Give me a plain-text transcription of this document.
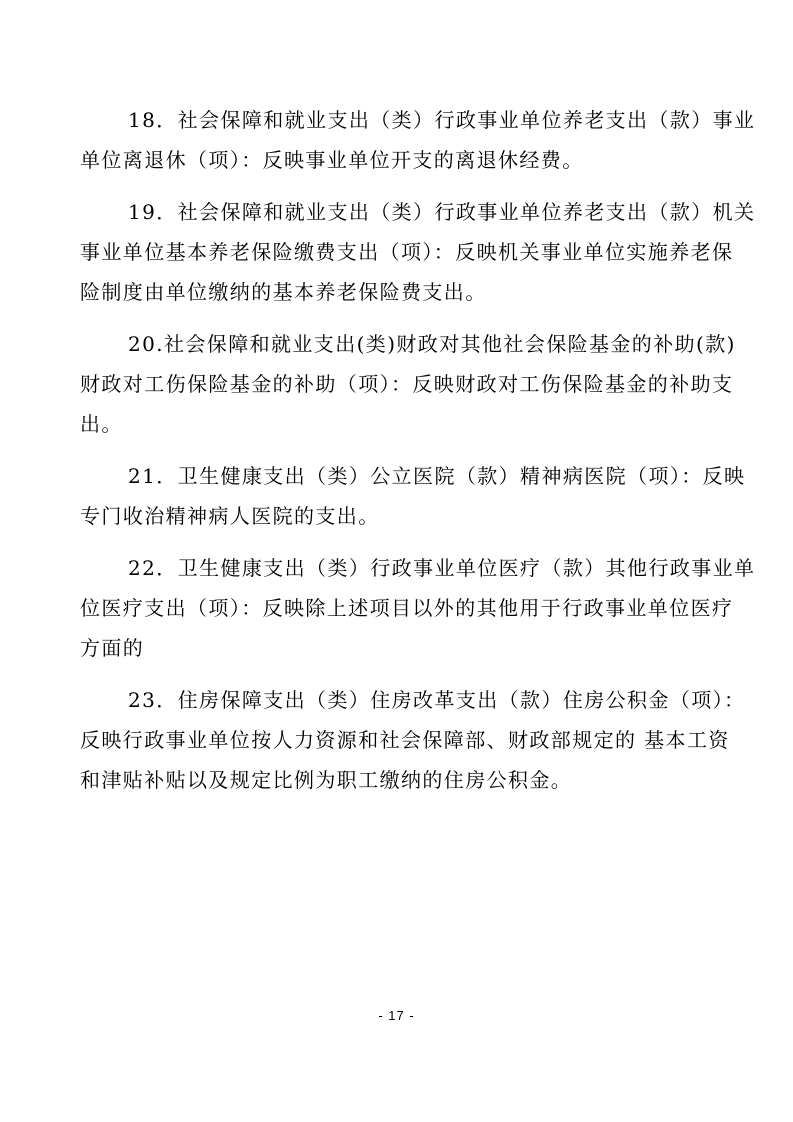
18．社会保障和就业支出（类）行政事业单位养老支出（款）事业
单位离退休（项）：反映事业单位开支的离退休经费。

19．社会保障和就业支出（类）行政事业单位养老支出（款）机关
事业单位基本养老保险缴费支出（项）：反映机关事业单位实施养老保
险制度由单位缴纳的基本养老保险费支出。

20.社会保障和就业支出(类)财政对其他社会保险基金的补助(款)
财政对工伤保险基金的补助（项）：反映财政对工伤保险基金的补助支
出。

21．卫生健康支出（类）公立医院（款）精神病医院（项）：反映
专门收治精神病人医院的支出。

22．卫生健康支出（类）行政事业单位医疗（款）其他行政事业单
位医疗支出（项）：反映除上述项目以外的其他用于行政事业单位医疗
方面的

23．住房保障支出（类）住房改革支出（款）住房公积金（项）：
反映行政事业单位按人力资源和社会保障部、财政部规定的 基本工资
和津贴补贴以及规定比例为职工缴纳的住房公积金。

- 17 -
